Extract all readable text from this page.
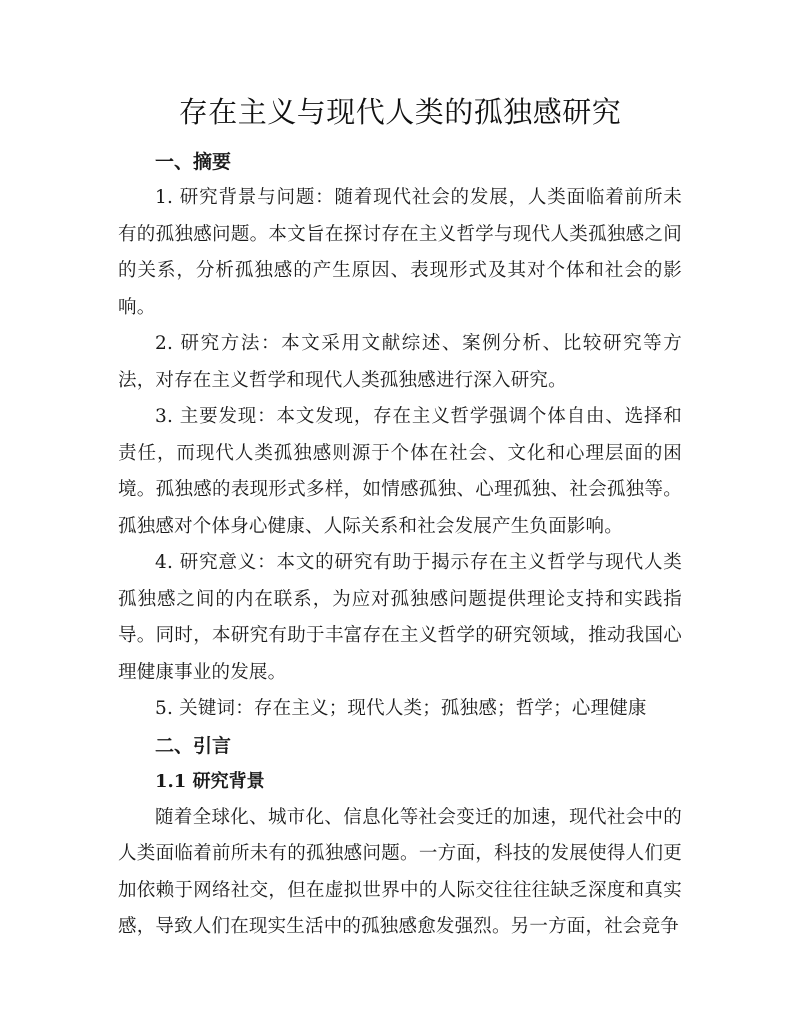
存在主义与现代人类的孤独感研究
一、摘要

1. 研究背景与问题：随着现代社会的发展，人类面临着前所未有的孤独感问题。本文旨在探讨存在主义哲学与现代人类孤独感之间的关系，分析孤独感的产生原因、表现形式及其对个体和社会的影响。

2. 研究方法：本文采用文献综述、案例分析、比较研究等方法，对存在主义哲学和现代人类孤独感进行深入研究。

3. 主要发现：本文发现，存在主义哲学强调个体自由、选择和责任，而现代人类孤独感则源于个体在社会、文化和心理层面的困境。孤独感的表现形式多样，如情感孤独、心理孤独、社会孤独等。孤独感对个体身心健康、人际关系和社会发展产生负面影响。

4. 研究意义：本文的研究有助于揭示存在主义哲学与现代人类孤独感之间的内在联系，为应对孤独感问题提供理论支持和实践指导。同时，本研究有助于丰富存在主义哲学的研究领域，推动我国心理健康事业的发展。

5. 关键词：存在主义；现代人类；孤独感；哲学；心理健康

二、引言
1.1 研究背景

随着全球化、城市化、信息化等社会变迁的加速，现代社会中的人类面临着前所未有的孤独感问题。一方面，科技的发展使得人们更加依赖于网络社交，但在虚拟世界中的人际交往往往缺乏深度和真实感，导致人们在现实生活中的孤独感愈发强烈。另一方面，社会竞争
